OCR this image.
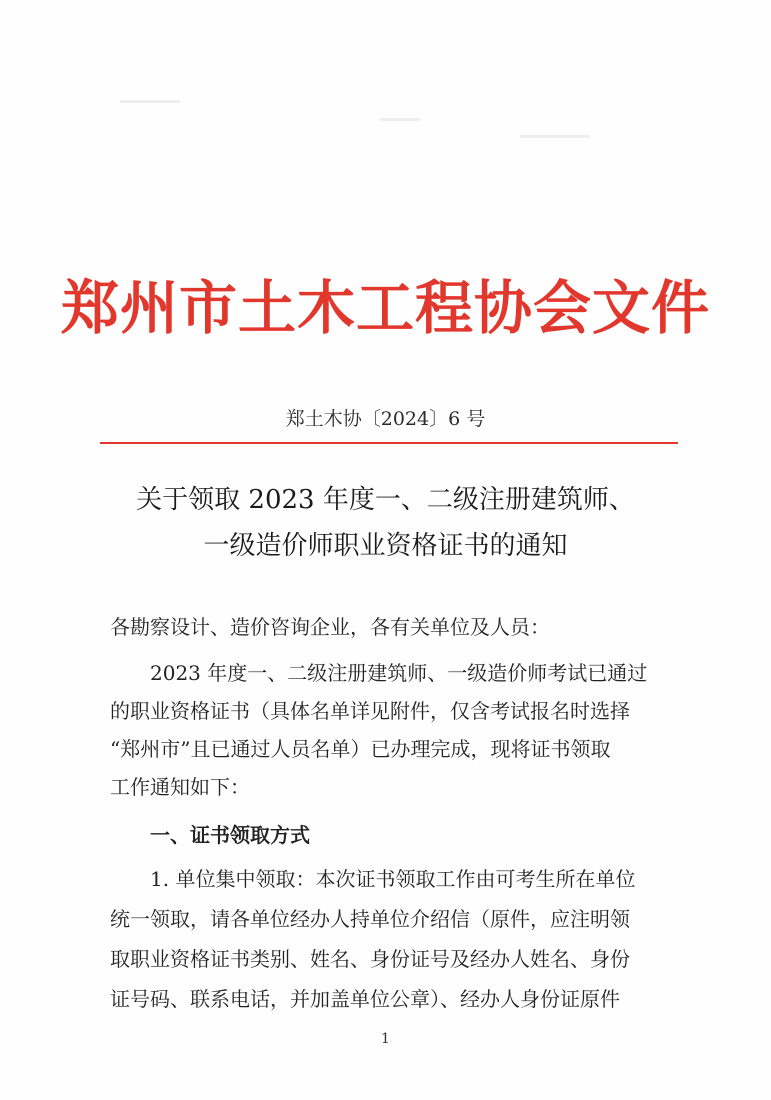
郑州市土木工程协会文件
郑土木协〔2024〕6 号
关于领取 2023 年度一、二级注册建筑师、
一级造价师职业资格证书的通知
各勘察设计、造价咨询企业，各有关单位及人员：
　　2023 年度一、二级注册建筑师、一级造价师考试已通过
的职业资格证书（具体名单详见附件，仅含考试报名时选择
“郑州市”且已通过人员名单）已办理完成，现将证书领取
工作通知如下：
　　一、证书领取方式
　　1. 单位集中领取：本次证书领取工作由可考生所在单位
统一领取，请各单位经办人持单位介绍信（原件，应注明领
取职业资格证书类别、姓名、身份证号及经办人姓名、身份
证号码、联系电话，并加盖单位公章）、经办人身份证原件
1
